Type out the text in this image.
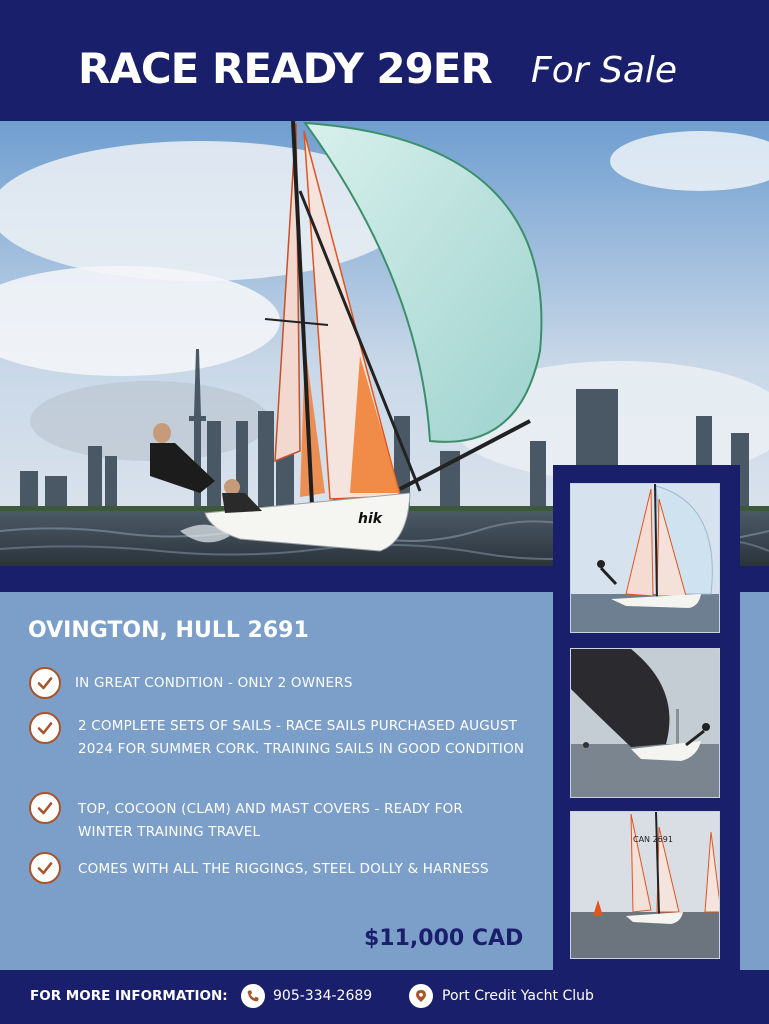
RACE READY 29ER For Sale
hik
OVINGTON, HULL 2691
IN GREAT CONDITION - ONLY 2 OWNERS
2 COMPLETE SETS OF SAILS - RACE SAILS PURCHASED AUGUST 2024 FOR SUMMER CORK. TRAINING SAILS IN GOOD CONDITION
TOP, COCOON (CLAM) AND MAST COVERS - READY FOR WINTER TRAINING TRAVEL
COMES WITH ALL THE RIGGINGS, STEEL DOLLY & HARNESS
$11,000 CAD
CAN 2691
FOR MORE INFORMATION:	905-334-2689	Port Credit Yacht Club
